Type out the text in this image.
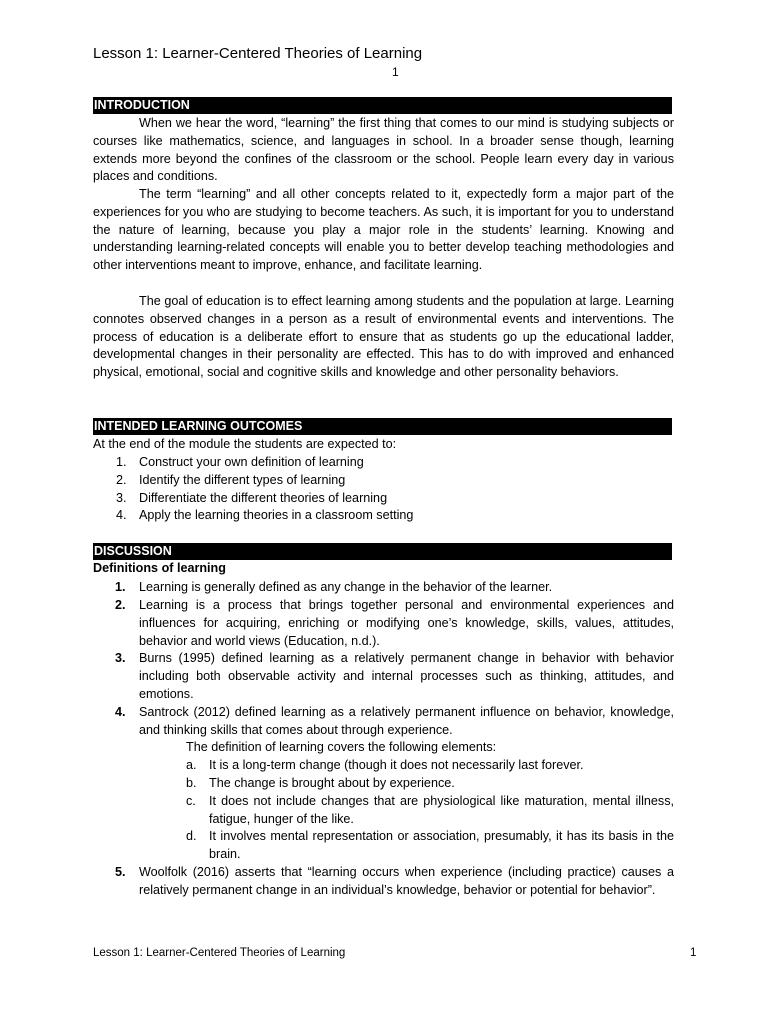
Lesson 1: Learner-Centered Theories of Learning
1
INTRODUCTION

When we hear the word, “learning” the first thing that comes to our mind is studying subjects or courses like mathematics, science, and languages in school. In a broader sense though, learning extends more beyond the confines of the classroom or the school. People learn every day in various places and conditions.

The term “learning” and all other concepts related to it, expectedly form a major part of the experiences for you who are studying to become teachers. As such, it is important for you to understand the nature of learning, because you play a major role in the students’ learning. Knowing and understanding learning-related concepts will enable you to better develop teaching methodologies and other interventions meant to improve, enhance, and facilitate learning.

The goal of education is to effect learning among students and the population at large. Learning connotes observed changes in a person as a result of environmental events and interventions. The process of education is a deliberate effort to ensure that as students go up the educational ladder, developmental changes in their personality are effected. This has to do with improved and enhanced physical, emotional, social and cognitive skills and knowledge and other personality behaviors.

INTENDED LEARNING OUTCOMES

At the end of the module the students are expected to:

1. Construct your own definition of learning
2. Identify the different types of learning
3. Differentiate the different theories of learning
4. Apply the learning theories in a classroom setting
DISCUSSION
Definitions of learning
1. Learning is generally defined as any change in the behavior of the learner.
2. Learning is a process that brings together personal and environmental experiences and influences for acquiring, enriching or modifying one’s knowledge, skills, values, attitudes, behavior and world views (Education, n.d.).
3. Burns (1995) defined learning as a relatively permanent change in behavior with behavior including both observable activity and internal processes such as thinking, attitudes, and emotions.
4. Santrock (2012) defined learning as a relatively permanent influence on behavior, knowledge, and thinking skills that comes about through experience.
The definition of learning covers the following elements:
a. It is a long-term change (though it does not necessarily last forever.
b. The change is brought about by experience.
c. It does not include changes that are physiological like maturation, mental illness, fatigue, hunger of the like.
d. It involves mental representation or association, presumably, it has its basis in the brain.
5. Woolfolk (2016) asserts that “learning occurs when experience (including practice) causes a relatively permanent change in an individual’s knowledge, behavior or potential for behavior”.
Lesson 1: Learner-Centered Theories of Learning	1
